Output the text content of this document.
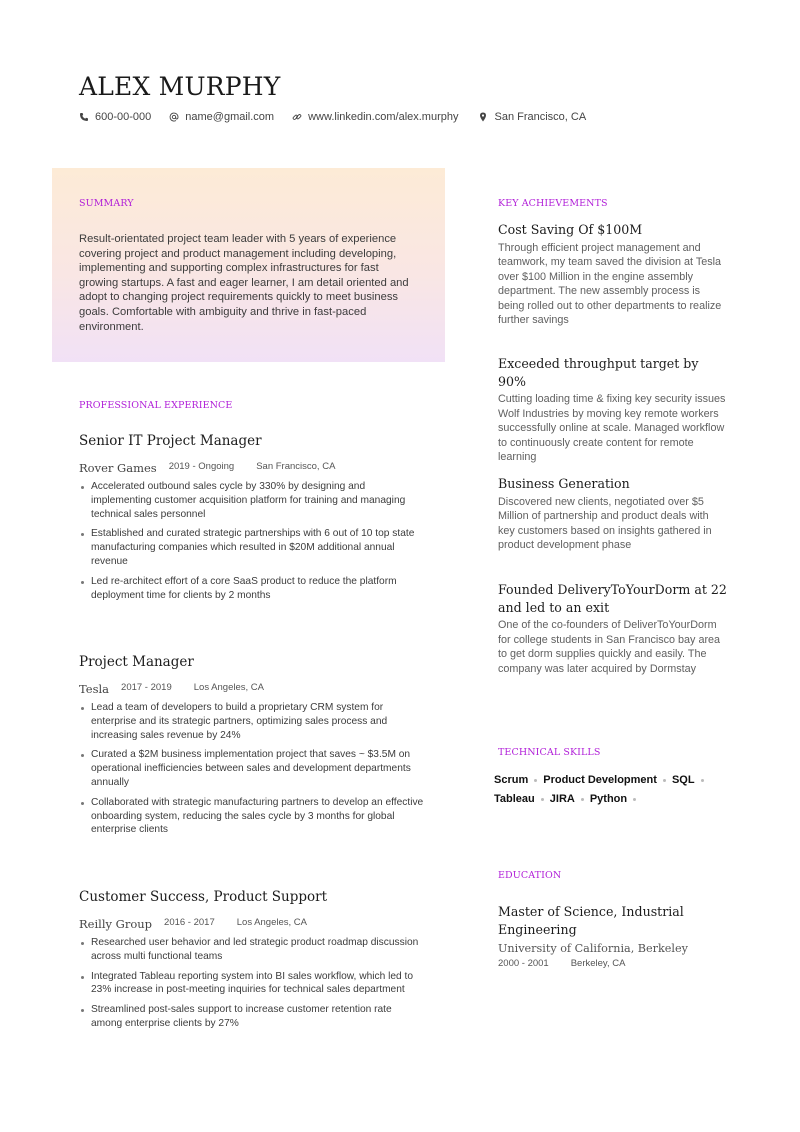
ALEX MURPHY
600-00-000	name@gmail.com	www.linkedin.com/alex.murphy	San Francisco, CA
SUMMARY

Result-orientated project team leader with 5 years of experience covering project and product management including developing, implementing and supporting complex infrastructures for fast growing startups. A fast and eager learner, I am detail oriented and adopt to changing project requirements quickly to meet business goals. Comfortable with ambiguity and thrive in fast-paced environment.

PROFESSIONAL EXPERIENCE
Senior IT Project Manager
Rover Games 2019 - Ongoing San Francisco, CA
Accelerated outbound sales cycle by 330% by designing and implementing customer acquisition platform for training and managing technical sales personnel
Established and curated strategic partnerships with 6 out of 10 top state manufacturing companies which resulted in $20M additional annual revenue
Led re-architect effort of a core SaaS product to reduce the platform deployment time for clients by 2 months
Project Manager
Tesla 2017 - 2019 Los Angeles, CA
Lead a team of developers to build a proprietary CRM system for enterprise and its strategic partners, optimizing sales process and increasing sales revenue by 24%
Curated a $2M business implementation project that saves ~ $3.5M on operational inefficiencies between sales and development departments annually
Collaborated with strategic manufacturing partners to develop an effective onboarding system, reducing the sales cycle by 3 months for global enterprise clients
Customer Success, Product Support
Reilly Group 2016 - 2017 Los Angeles, CA
Researched user behavior and led strategic product roadmap discussion across multi functional teams
Integrated Tableau reporting system into BI sales workflow, which led to 23% increase in post-meeting inquiries for technical sales department
Streamlined post-sales support to increase customer retention rate among enterprise clients by 27%
KEY ACHIEVEMENTS
Cost Saving Of $100M
Through efficient project management and teamwork, my team saved the division at Tesla over $100 Million in the engine assembly department. The new assembly process is being rolled out to other departments to realize further savings
Exceeded throughput target by 90%
Cutting loading time & fixing key security issues Wolf Industries by moving key remote workers successfully online at scale. Managed workflow to continuously create content for remote learning
Business Generation
Discovered new clients, negotiated over $5 Million of partnership and product deals with key customers based on insights gathered in product development phase
Founded DeliveryToYourDorm at 22 and led to an exit
One of the co-founders of DeliverToYourDorm for college students in San Francisco bay area to get dorm supplies quickly and easily. The company was later acquired by Dormstay
TECHNICAL SKILLS
Scrum	Product Development	SQL
Tableau	JIRA	Python
EDUCATION
Master of Science, Industrial Engineering
University of California, Berkeley
2000 - 2001 Berkeley, CA
